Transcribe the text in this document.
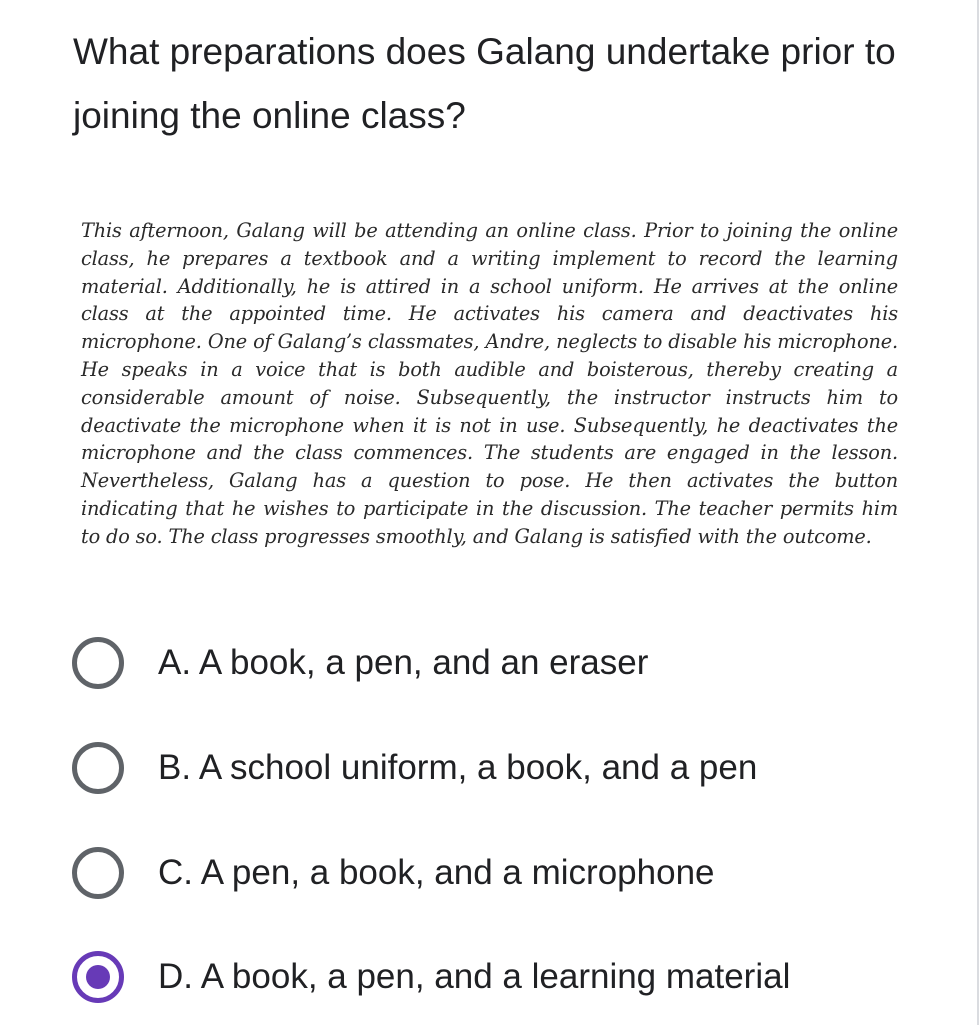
What preparations does Galang undertake prior to joining the online class?

This afternoon, Galang will be attending an online class. Prior to joining the online class, he prepares a textbook and a writing implement to record the learning material. Additionally, he is attired in a school uniform. He arrives at the online class at the appointed time. He activates his camera and deactivates his microphone. One of Galang’s classmates, Andre, neglects to disable his microphone. He speaks in a voice that is both audible and boisterous, thereby creating a considerable amount of noise. Subsequently, the instructor instructs him to deactivate the microphone when it is not in use. Subsequently, he deactivates the microphone and the class commences. The students are engaged in the lesson. Nevertheless, Galang has a question to pose. He then activates the button indicating that he wishes to participate in the discussion. The teacher permits him to do so. The class progresses smoothly, and Galang is satisfied with the outcome.

A. A book, a pen, and an eraser
B. A school uniform, a book, and a pen
C. A pen, a book, and a microphone
D. A book, a pen, and a learning material
